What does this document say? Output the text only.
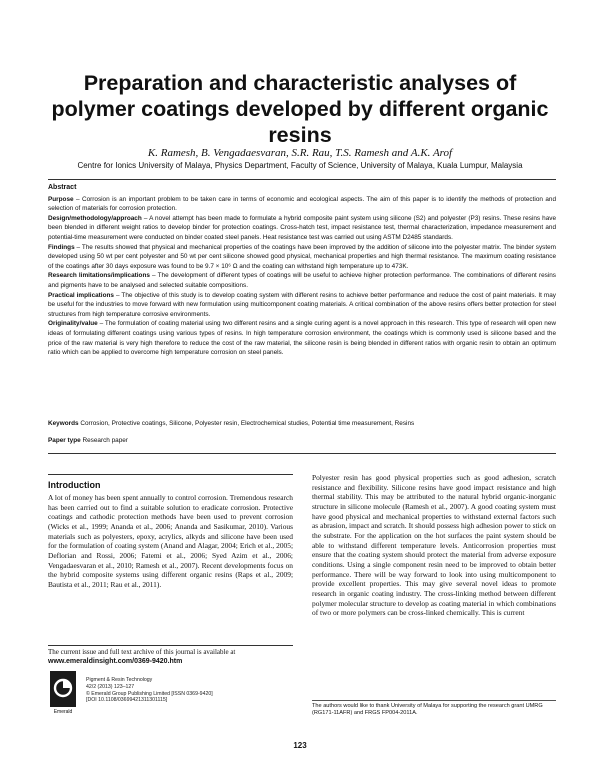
Preparation and characteristic analyses of polymer coatings developed by different organic resins

K. Ramesh, B. Vengadaesvaran, S.R. Rau, T.S. Ramesh and A.K. Arof

Centre for Ionics University of Malaya, Physics Department, Faculty of Science, University of Malaya, Kuala Lumpur, Malaysia

Abstract

Purpose – Corrosion is an important problem to be taken care in terms of economic and ecological aspects. The aim of this paper is to identify the methods of protection and selection of materials for corrosion protection.

Design/methodology/approach – A novel attempt has been made to formulate a hybrid composite paint system using silicone (S2) and polyester (P3) resins. These resins have been blended in different weight ratios to develop binder for protection coatings. Cross-hatch test, impact resistance test, thermal characterization, impedance measurement and potential-time measurement were conducted on binder coated steel panels. Heat resistance test was carried out using ASTM D2485 standards.

Findings – The results showed that physical and mechanical properties of the coatings have been improved by the addition of silicone into the polyester matrix. The binder system developed using 50 wt per cent polyester and 50 wt per cent silicone showed good physical, mechanical properties and high thermal resistance. The maximum coating resistance of the coatings after 30 days exposure was found to be 9.7 × 10⁶ Ω and the coating can withstand high temperature up to 473K.

Research limitations/implications – The development of different types of coatings will be useful to achieve higher protection performance. The combinations of different resins and pigments have to be analysed and selected suitable compositions.

Practical implications – The objective of this study is to develop coating system with different resins to achieve better performance and reduce the cost of paint materials. It may be useful for the industries to move forward with new formulation using multicomponent coating materials. A critical combination of the above resins offers better protection for steel structures from high temperature corrosive environments.

Originality/value – The formulation of coating material using two different resins and a single curing agent is a novel approach in this research. This type of research will open new ideas of formulating different coatings using various types of resins. In high temperature corrosion environment, the coatings which is commonly used is silicone based and the price of the raw material is very high therefore to reduce the cost of the raw material, the silicone resin is being blended in different ratios with organic resin to obtain an optimum ratio which can be applied to overcome high temperature corrosion on steel panels.

Keywords Corrosion, Protective coatings, Silicone, Polyester resin, Electrochemical studies, Potential time measurement, Resins
Paper type Research paper
Introduction

A lot of money has been spent annually to control corrosion. Tremendous research has been carried out to find a suitable solution to eradicate corrosion. Protective coatings and cathodic protection methods have been used to prevent corrosion (Wicks et al., 1999; Ananda et al., 2006; Ananda and Sasikumar, 2010). Various materials such as polyesters, epoxy, acrylics, alkyds and silicone have been used for the formulation of coating system (Anand and Alagar, 2004; Erich et al., 2005; Deflorian and Rossi, 2006; Fatemi et al., 2006; Syed Azim et al., 2006; Vengadaesvaran et al., 2010; Ramesh et al., 2007). Recent developments focus on the hybrid composite systems using different organic resins (Raps et al., 2009; Bautista et al., 2011; Rau et al., 2011).

Polyester resin has good physical properties such as good adhesion, scratch resistance and flexibility. Silicone resins have good impact resistance and high thermal stability. This may be attributed to the natural hybrid organic-inorganic structure in silicone molecule (Ramesh et al., 2007). A good coating system must have good physical and mechanical properties to withstand external factors such as abrasion, impact and scratch. It should possess high adhesion power to stick on the substrate. For the application on the hot surfaces the paint system should be able to withstand different temperature levels. Anticorrosion properties must ensure that the coating system should protect the material from adverse exposure conditions. Using a single component resin need to be improved to obtain better performance. There will be way forward to look into using multicomponent to provide excellent properties. This may give several novel ideas to promote research in organic coating industry. The cross-linking method between different polymer molecular structure to develop as coating material in which combinations of two or more polymers can be cross-linked chemically. This is current

The current issue and full text archive of this journal is available at
www.emeraldinsight.com/0369-9420.htm
Emerald
Pigment & Resin Technology
42/2 (2013) 123–127
© Emerald Group Publishing Limited [ISSN 0369-9420]
[DOI 10.1108/03699421311301115]
The authors would like to thank University of Malaya for supporting the research grant UMRG (RG171-11AFR) and FRGS FP004-2011A.
123
